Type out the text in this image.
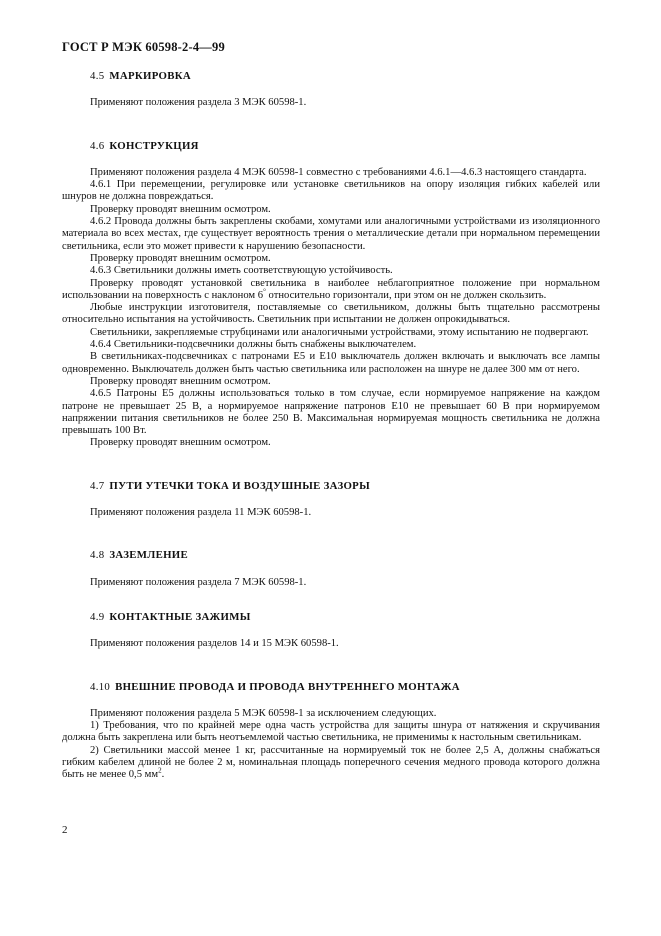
ГОСТ Р МЭК 60598-2-4—99
4.5 МАРКИРОВКА

Применяют положения раздела 3 МЭК 60598-1.

4.6 КОНСТРУКЦИЯ

Применяют положения раздела 4 МЭК 60598-1 совместно с требованиями 4.6.1—4.6.3 настоящего стандарта.

4.6.1 При перемещении, регулировке или установке светильников на опору изоляция гибких кабелей или шнуров не должна повреждаться.

Проверку проводят внешним осмотром.

4.6.2 Провода должны быть закреплены скобами, хомутами или аналогичными устройствами из изоляционного материала во всех местах, где существует вероятность трения о металлические детали при нормальном перемещении светильника, если это может привести к нарушению безопасности.

Проверку проводят внешним осмотром.

4.6.3 Светильники должны иметь соответствующую устойчивость.

Проверку проводят установкой светильника в наиболее неблагоприятное положение при нормальном использовании на поверхность с наклоном 6° относительно горизонтали, при этом он не должен скользить.

Любые инструкции изготовителя, поставляемые со светильником, должны быть тщательно рассмотрены относительно испытания на устойчивость. Светильник при испытании не должен опрокидываться.

Светильники, закрепляемые струбцинами или аналогичными устройствами, этому испытанию не подвергают.

4.6.4 Светильники-подсвечники должны быть снабжены выключателем.

В светильниках-подсвечниках с патронами Е5 и Е10 выключатель должен включать и выключать все лампы одновременно. Выключатель должен быть частью светильника или расположен на шнуре не далее 300 мм от него.

Проверку проводят внешним осмотром.

4.6.5 Патроны Е5 должны использоваться только в том случае, если нормируемое напряжение на каждом патроне не превышает 25 В, а нормируемое напряжение патронов Е10 не превышает 60 В при нормируемом напряжении питания светильников не более 250 В. Максимальная нормируемая мощность светильника не должна превышать 100 Вт.

Проверку проводят внешним осмотром.

4.7 ПУТИ УТЕЧКИ ТОКА И ВОЗДУШНЫЕ ЗАЗОРЫ

Применяют положения раздела 11 МЭК 60598-1.

4.8 ЗАЗЕМЛЕНИЕ

Применяют положения раздела 7 МЭК 60598-1.

4.9 КОНТАКТНЫЕ ЗАЖИМЫ

Применяют положения разделов 14 и 15 МЭК 60598-1.

4.10 ВНЕШНИЕ ПРОВОДА И ПРОВОДА ВНУТРЕННЕГО МОНТАЖА

Применяют положения раздела 5 МЭК 60598-1 за исключением следующих.

1) Требования, что по крайней мере одна часть устройства для защиты шнура от натяжения и скручивания должна быть закреплена или быть неотъемлемой частью светильника, не применимы к настольным светильникам.

2) Светильники массой менее 1 кг, рассчитанные на нормируемый ток не более 2,5 А, должны снабжаться гибким кабелем длиной не более 2 м, номинальная площадь поперечного сечения медного провода которого должна быть не менее 0,5 $мм^2$.

2
